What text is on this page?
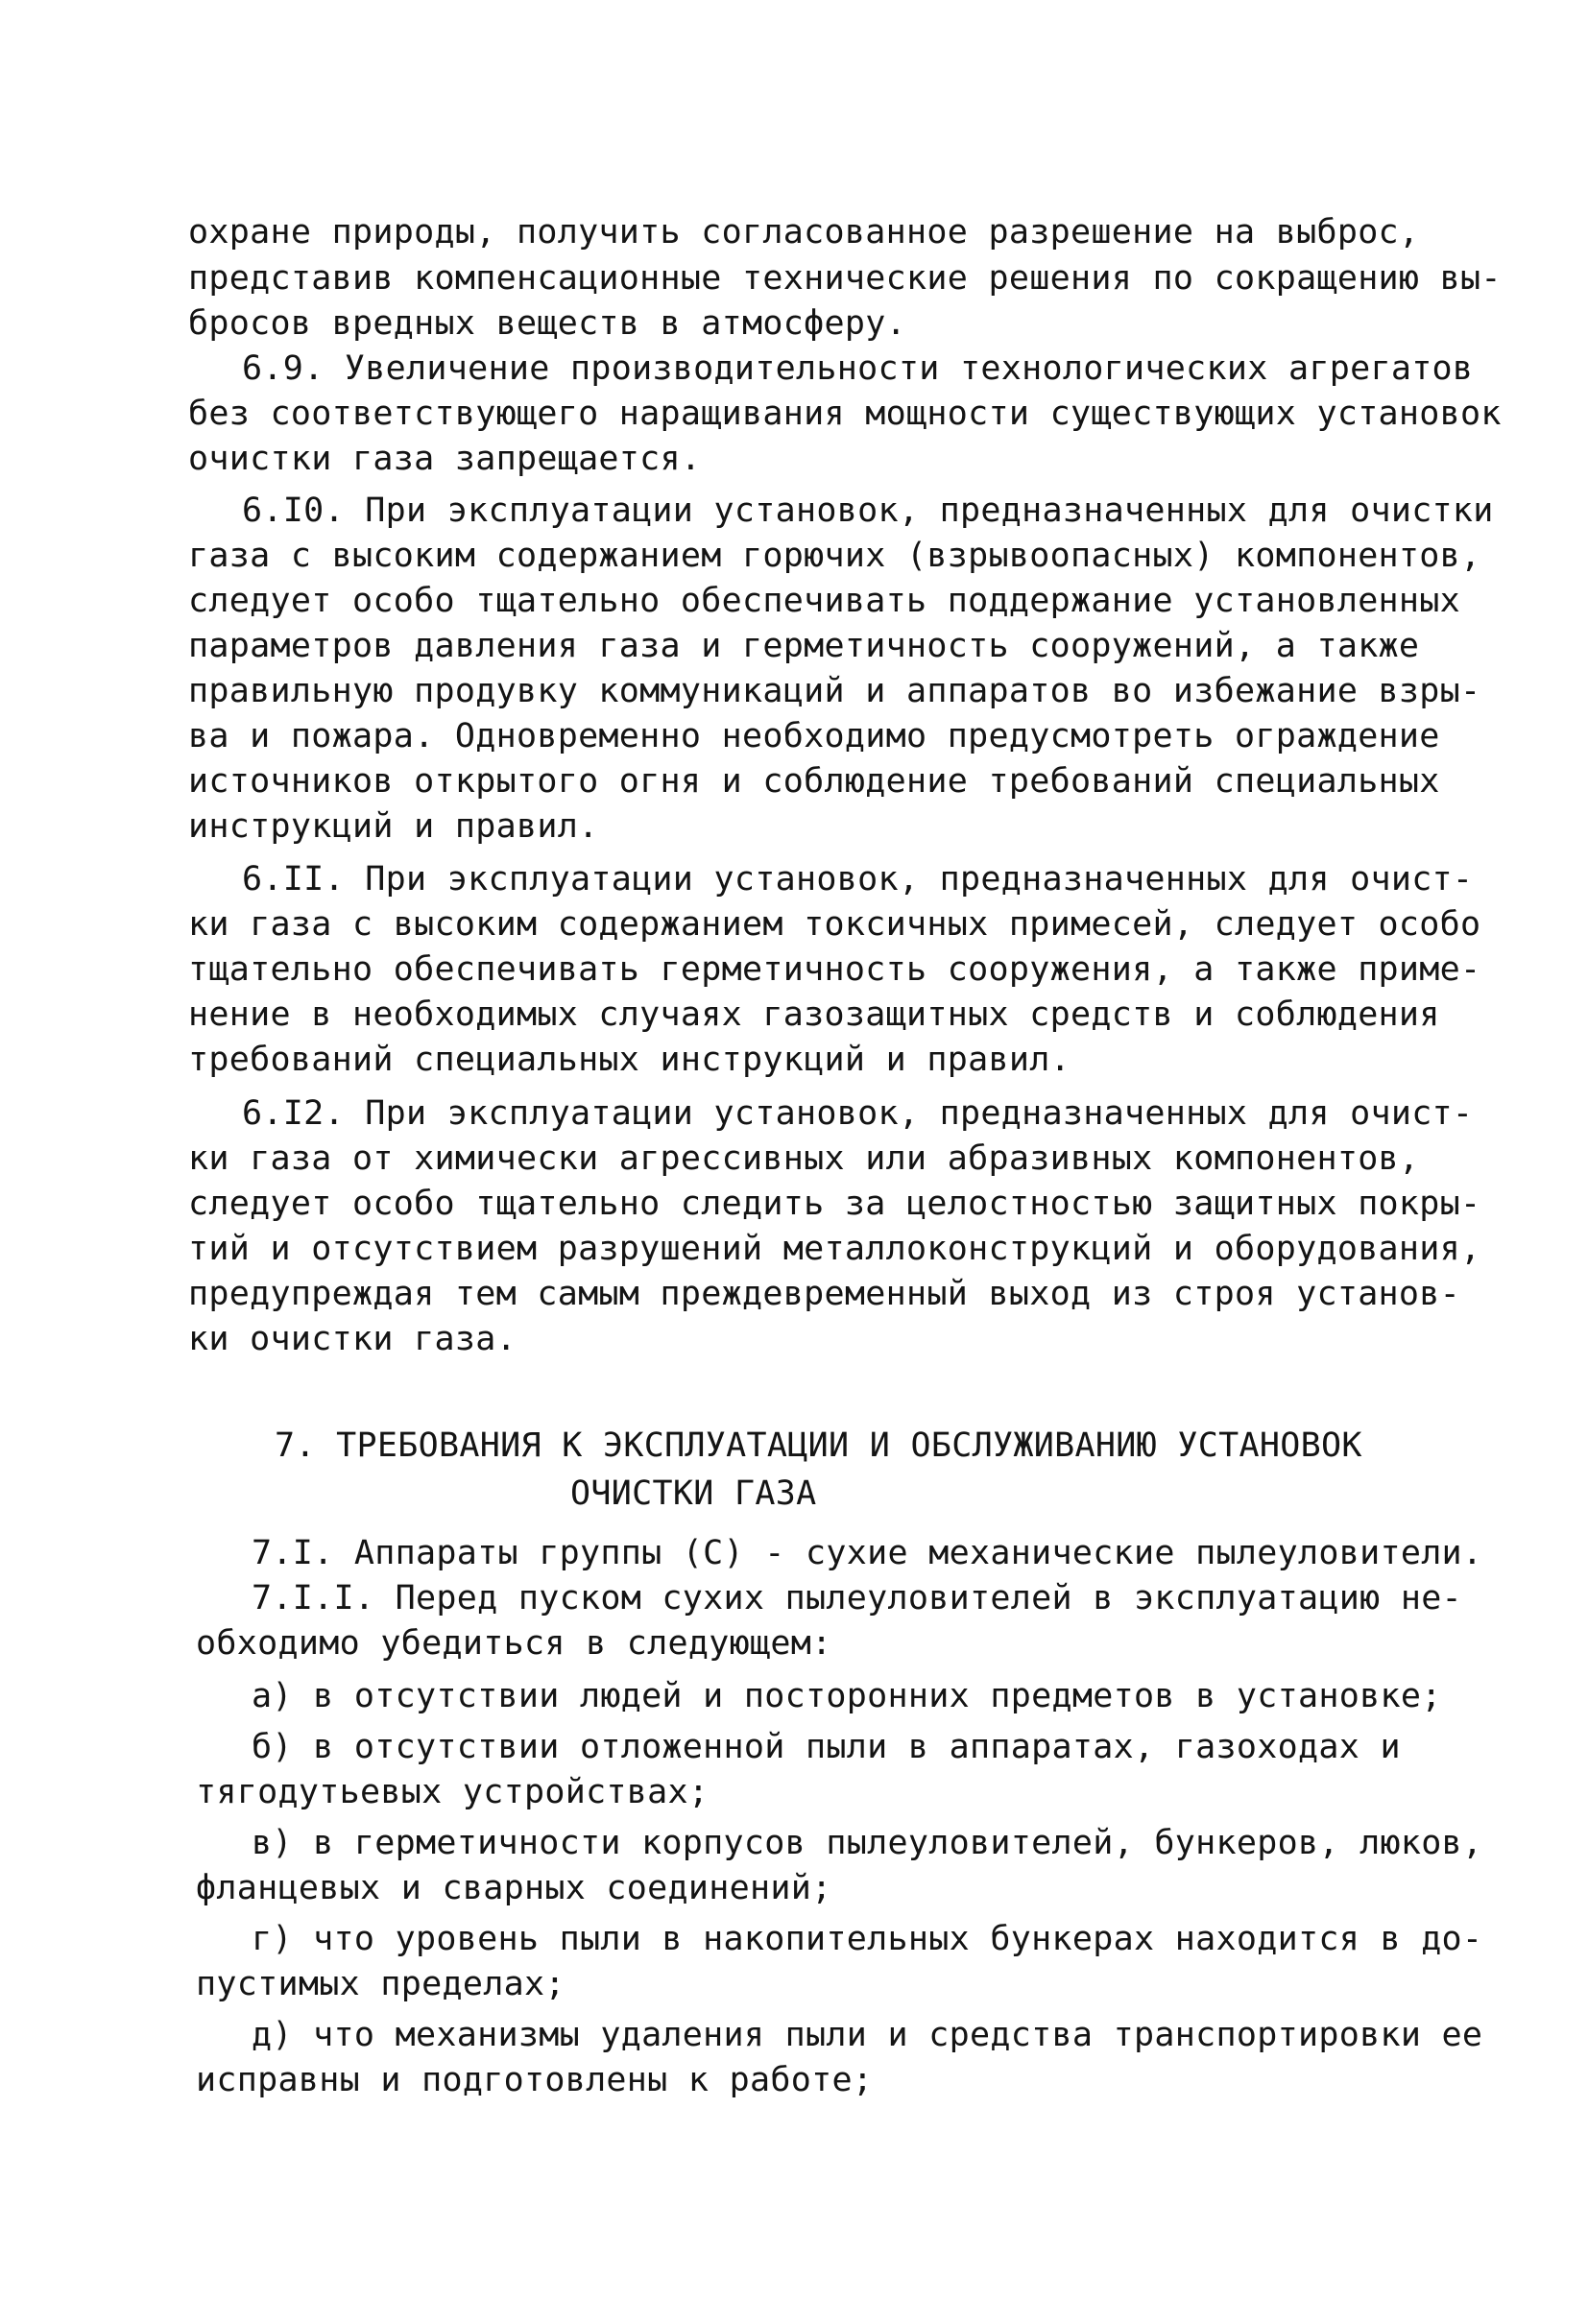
охране природы, получить согласованное разрешение на выброс,
представив компенсационные технические решения по сокращению вы-
бросов вредных веществ в атмосферу.
6.9. Увеличение производительности технологических агрегатов
без соответствующего наращивания мощности существующих установок
очистки газа запрещается.
6.I0. При эксплуатации установок, предназначенных для очистки
газа с высоким содержанием горючих (взрывоопасных) компонентов,
следует особо тщательно обеспечивать поддержание установленных
параметров давления газа и герметичность сооружений, а также
правильную продувку коммуникаций и аппаратов во избежание взры-
ва и пожара. Одновременно необходимо предусмотреть ограждение
источников открытого огня и соблюдение требований специальных
инструкций и правил.
6.II. При эксплуатации установок, предназначенных для очист-
ки газа с высоким содержанием токсичных примесей, следует особо
тщательно обеспечивать герметичность сооружения, а также приме-
нение в необходимых случаях газозащитных средств и соблюдения
требований специальных инструкций и правил.
6.I2. При эксплуатации установок, предназначенных для очист-
ки газа от химически агрессивных или абразивных компонентов,
следует особо тщательно следить за целостностью защитных покры-
тий и отсутствием разрушений металлоконструкций и оборудования,
предупреждая тем самым преждевременный выход из строя установ-
ки очистки газа.
7. ТРЕБОВАНИЯ К ЭКСПЛУАТАЦИИ И ОБСЛУЖИВАНИЮ УСТАНОВОК
ОЧИСТКИ ГАЗА
7.I. Аппараты группы (С) - сухие механические пылеуловители.
7.I.I. Перед пуском сухих пылеуловителей в эксплуатацию не-
обходимо убедиться в следующем:
а) в отсутствии людей и посторонних предметов в установке;
б) в отсутствии отложенной пыли в аппаратах, газоходах и
тягодутьевых устройствах;
в) в герметичности корпусов пылеуловителей, бункеров, люков,
фланцевых и сварных соединений;
г) что уровень пыли в накопительных бункерах находится в до-
пустимых пределах;
д) что механизмы удаления пыли и средства транспортировки ее
исправны и подготовлены к работе;
